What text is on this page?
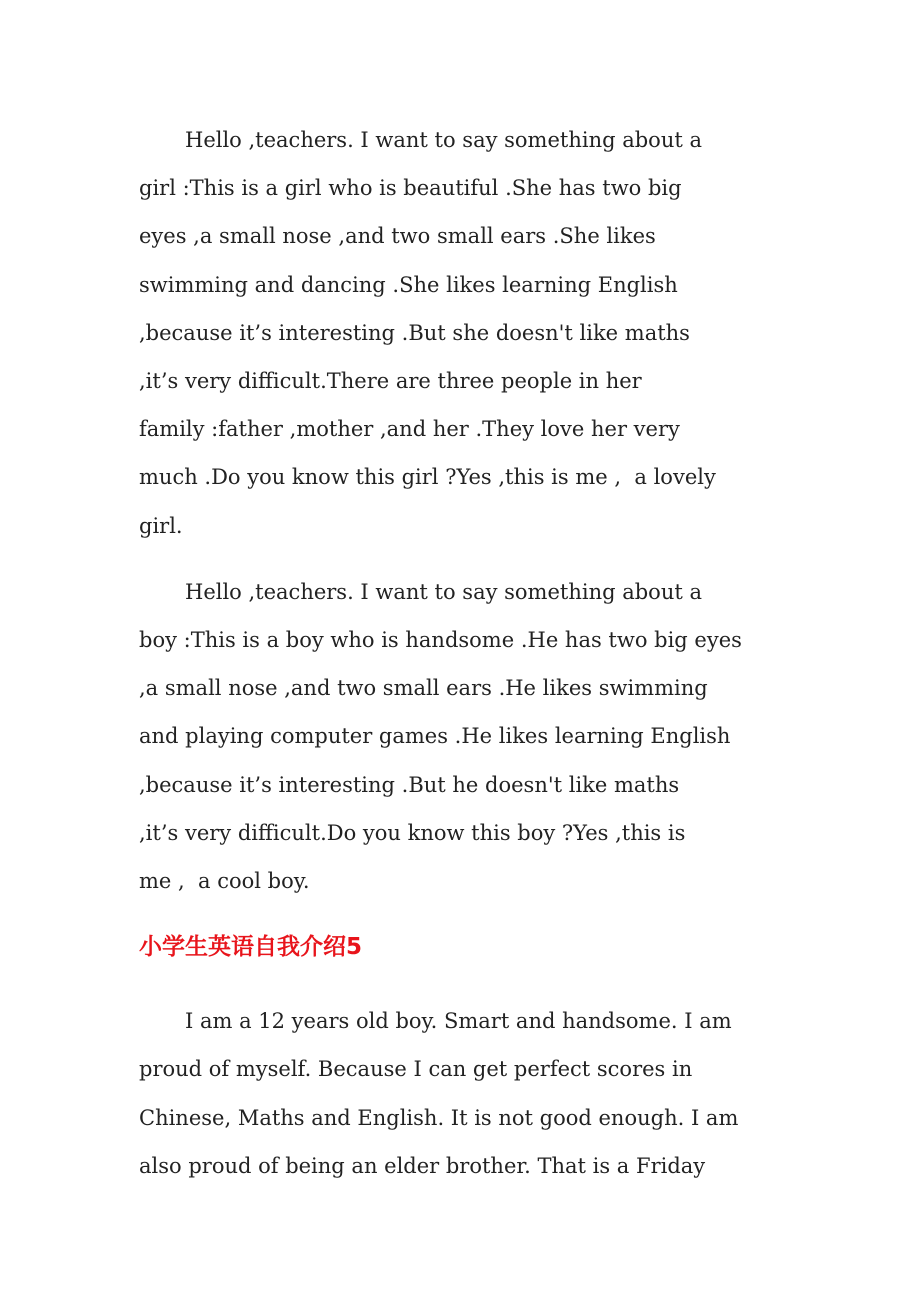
Hello ,teachers. I want to say something about a
girl :This is a girl who is beautiful .She has two big
eyes ,a small nose ,and two small ears .She likes
swimming and dancing .She likes learning English
,because it’s interesting .But she doesn't like maths
,it’s very difficult.There are three people in her
family :father ,mother ,and her .They love her very
much .Do you know this girl ?Yes ,this is me ,  a lovely
girl.

Hello ,teachers. I want to say something about a
boy :This is a boy who is handsome .He has two big eyes
,a small nose ,and two small ears .He likes swimming
and playing computer games .He likes learning English
,because it’s interesting .But he doesn't like maths
,it’s very difficult.Do you know this boy ?Yes ,this is
me ,  a cool boy.

小学生英语自我介绍5

I am a 12 years old boy. Smart and handsome. I am
proud of myself. Because I can get perfect scores in
Chinese, Maths and English. It is not good enough. I am
also proud of being an elder brother. That is a Friday
